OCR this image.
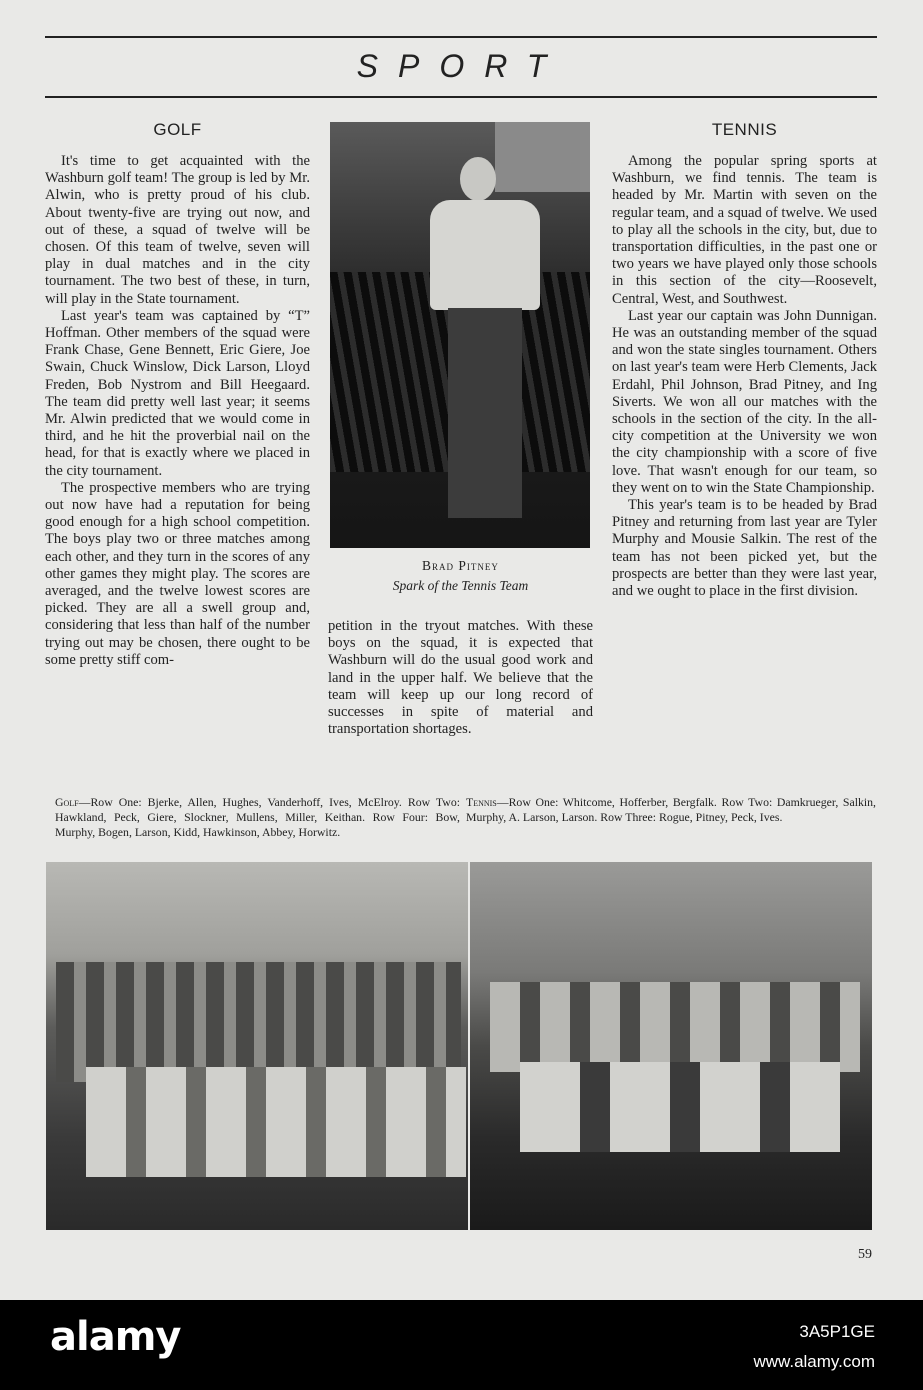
SPORT
GOLF

It's time to get acquainted with the Washburn golf team! The group is led by Mr. Alwin, who is pretty proud of his club. About twenty-five are trying out now, and out of these, a squad of twelve will be chosen. Of this team of twelve, seven will play in dual matches and in the city tournament. The two best of these, in turn, will play in the State tournament.

Last year's team was captained by “T” Hoffman. Other members of the squad were Frank Chase, Gene Bennett, Eric Giere, Joe Swain, Chuck Winslow, Dick Larson, Lloyd Freden, Bob Nystrom and Bill Heegaard. The team did pretty well last year; it seems Mr. Alwin predicted that we would come in third, and he hit the proverbial nail on the head, for that is exactly where we placed in the city tournament.

The prospective members who are trying out now have had a reputation for being good enough for a high school competition. The boys play two or three matches among each other, and they turn in the scores of any other games they might play. The scores are averaged, and the twelve lowest scores are picked. They are all a swell group and, considering that less than half of the number trying out may be chosen, there ought to be some pretty stiff com-

Brad Pitney
Spark of the Tennis Team
petition in the tryout matches. With these boys on the squad, it is expected that Washburn will do the usual good work and land in the upper half. We believe that the team will keep up our long record of successes in spite of material and transportation shortages.
TENNIS

Among the popular spring sports at Washburn, we find tennis. The team is headed by Mr. Martin with seven on the regular team, and a squad of twelve. We used to play all the schools in the city, but, due to transportation difficulties, in the past one or two years we have played only those schools in this section of the city—Roosevelt, Central, West, and Southwest.

Last year our captain was John Dunnigan. He was an outstanding member of the squad and won the state singles tournament. Others on last year's team were Herb Clements, Jack Erdahl, Phil Johnson, Brad Pitney, and Ing Siverts. We won all our matches with the schools in the section of the city. In the all-city competition at the University we won the city championship with a score of five love. That wasn't enough for our team, so they went on to win the State Championship.

This year's team is to be headed by Brad Pitney and returning from last year are Tyler Murphy and Mousie Salkin. The rest of the team has not been picked yet, but the prospects are better than they were last year, and we ought to place in the first division.

Golf—Row One: Bjerke, Allen, Hughes, Vanderhoff, Ives, McElroy. Row Two: Hawkland, Peck, Giere, Slockner, Mullens, Miller, Keithan. Row Four: Bow, Murphy, Bogen, Larson, Kidd, Hawkinson, Abbey, Horwitz.
Tennis—Row One: Whitcome, Hofferber, Bergfalk. Row Two: Damkrueger, Salkin, Murphy, A. Larson, Larson. Row Three: Rogue, Pitney, Peck, Ives.
59
alamy	3A5P1GE
www.alamy.com
